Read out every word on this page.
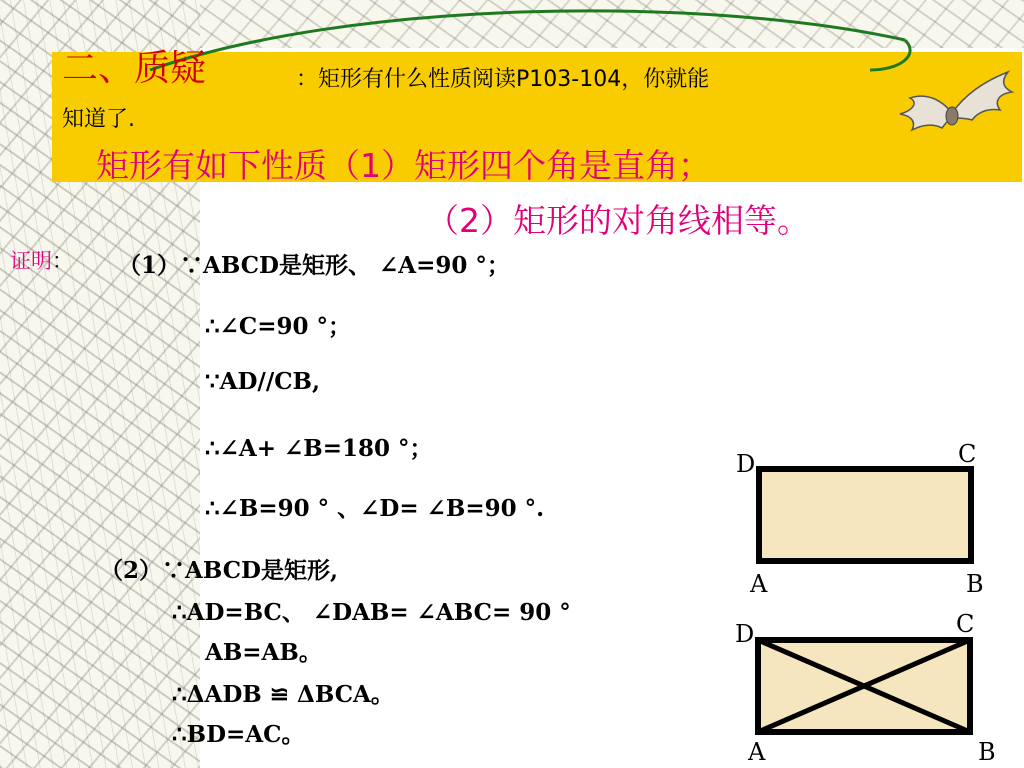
二、质疑	：矩形有什么性质阅读P103-104，你就能
知道了.
矩形有如下性质（1）矩形四个角是直角；
（2）矩形的对角线相等。
证明： （1）∵ABCD是矩形、 ∠A=90 °；
∴∠C=90 °；
∵AD//CB,
∴∠A+ ∠B=180 °；
∴∠B=90 ° 、∠D= ∠B=90 °.
（2）∵ABCD是矩形,
∴AD=BC、 ∠DAB= ∠ABC= 90 °
AB=AB。
∴ΔADB ≌ ΔBCA。
∴BD=AC。
D	C
A	B
D	C
A	B
